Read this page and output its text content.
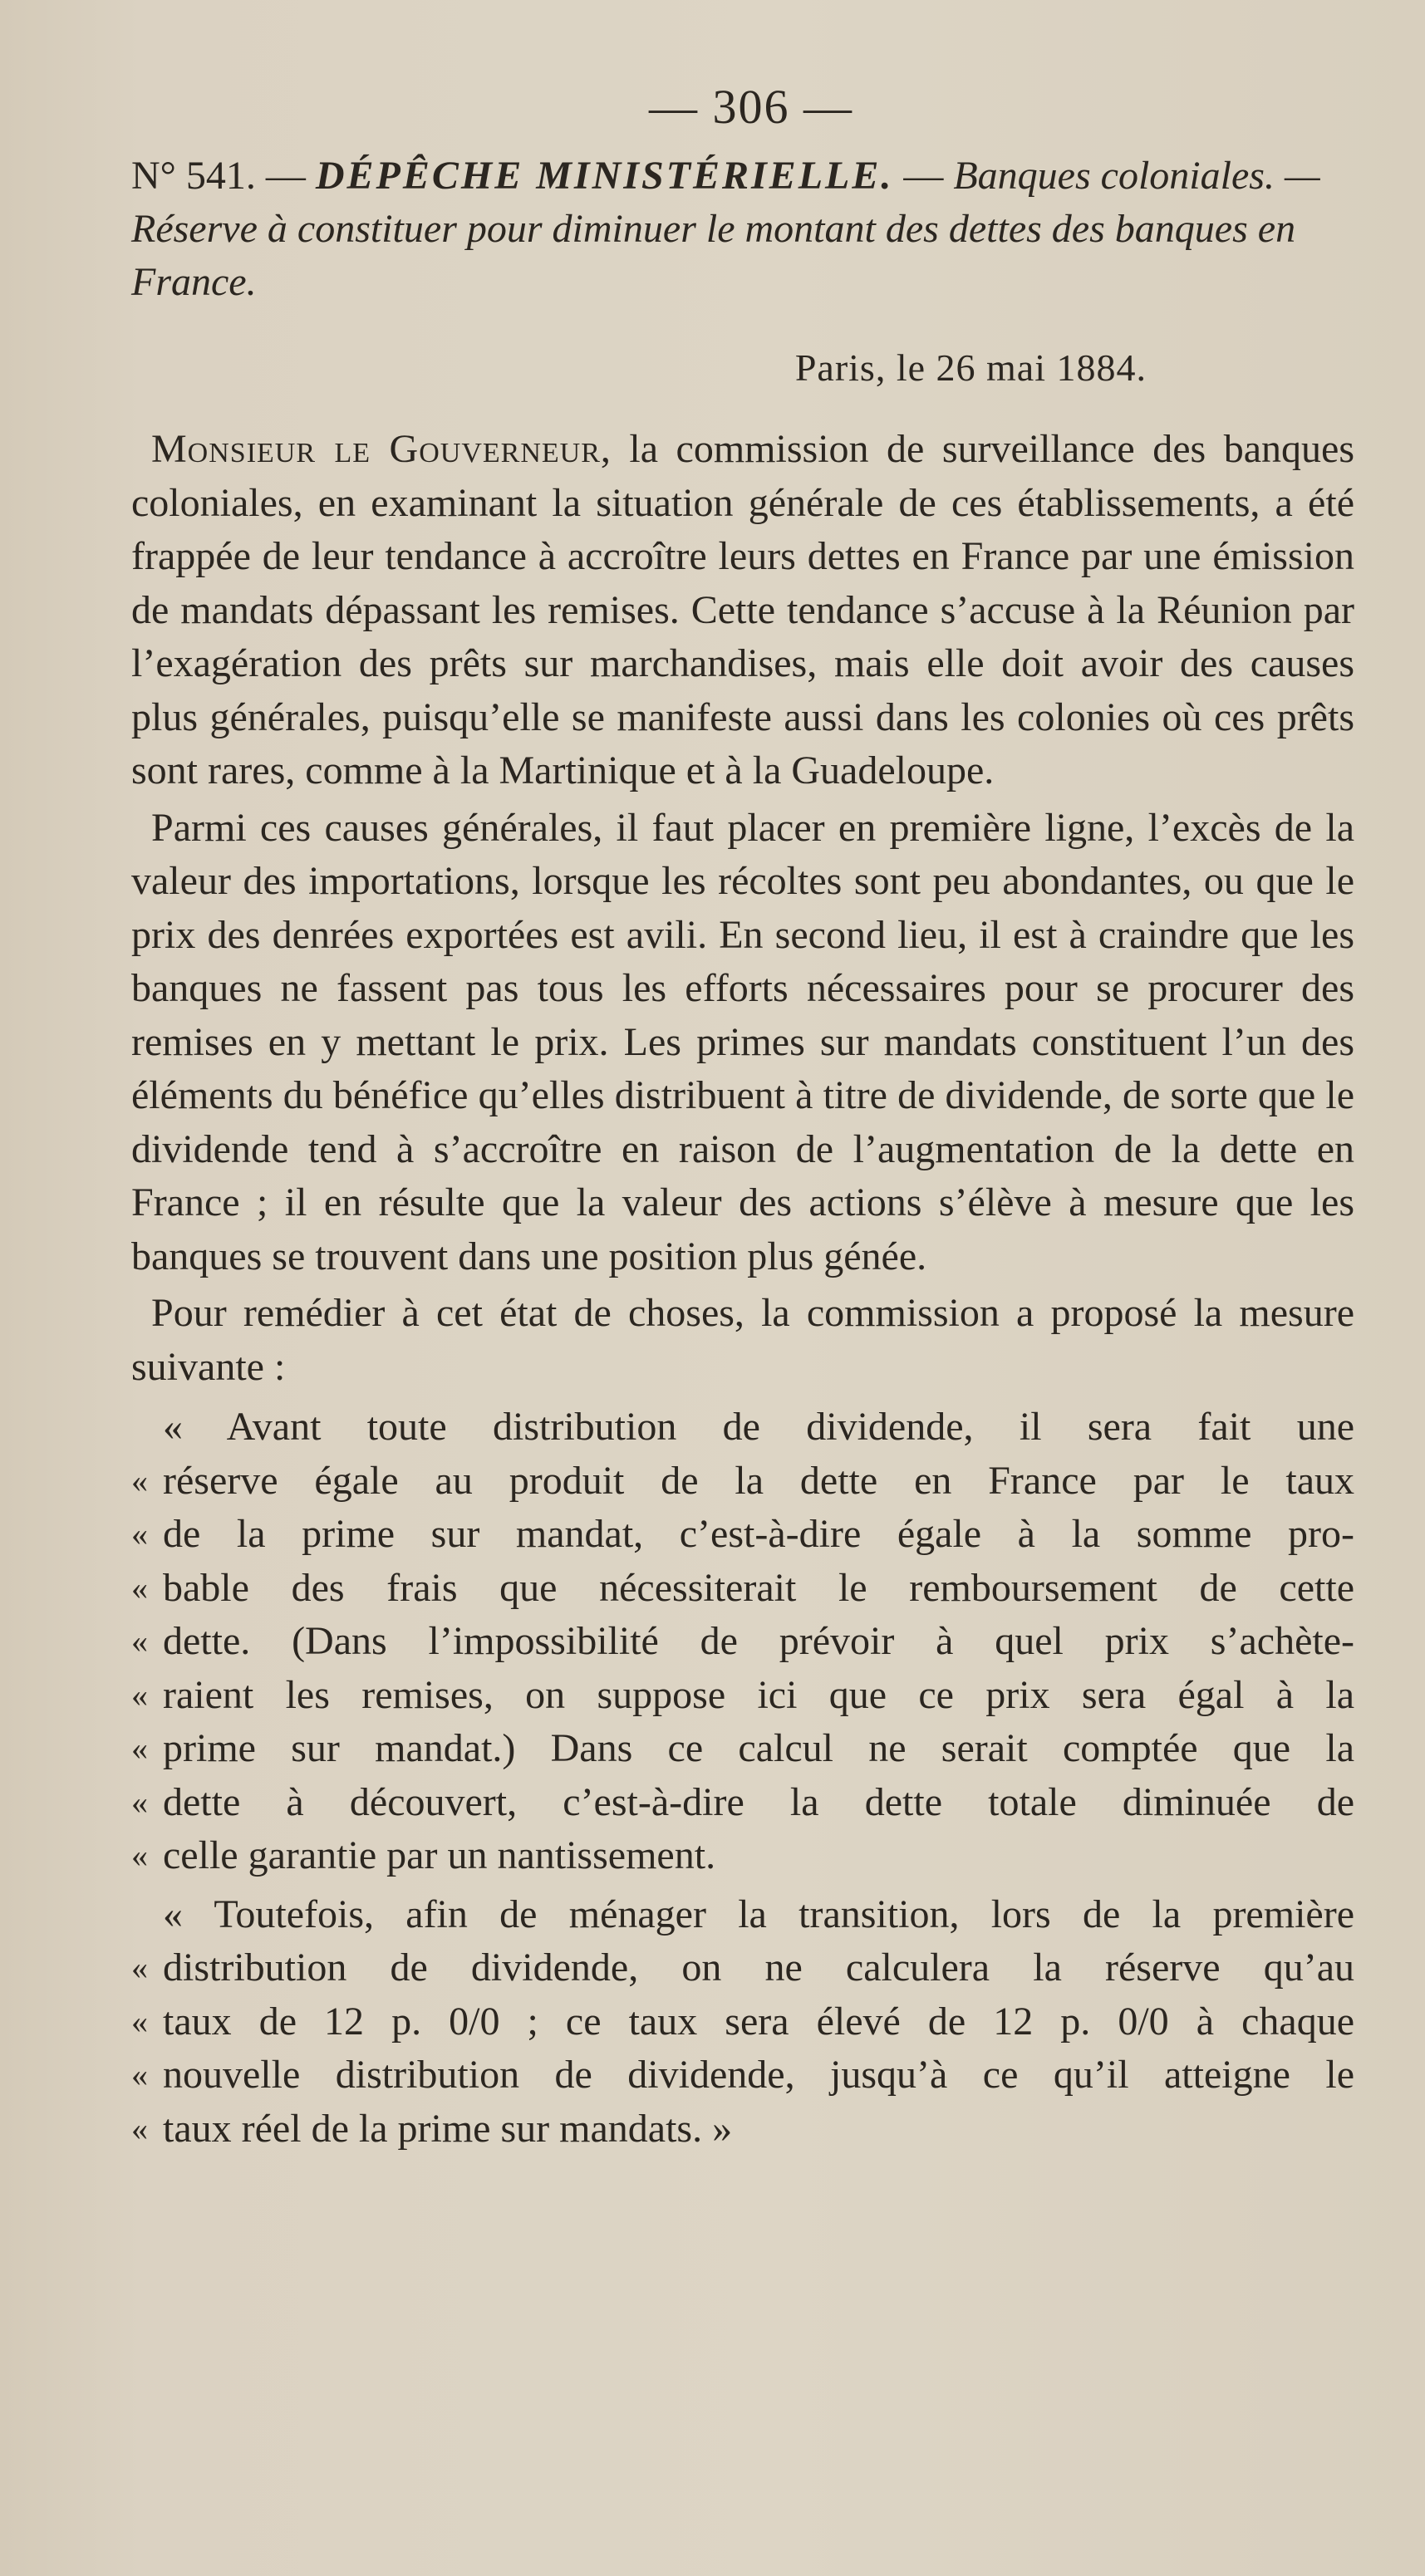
— 306 —

N° 541. — DÉPÊCHE MINISTÉRIELLE. — Banques coloniales. — Réserve à constituer pour diminuer le montant des dettes des banques en France.

Paris, le 26 mai 1884.

Monsieur le Gouverneur, la commission de surveillance des banques coloniales, en examinant la situation générale de ces établissements, a été frappée de leur tendance à accroître leurs dettes en France par une émission de mandats dépassant les remises. Cette tendance s’accuse à la Réunion par l’exagération des prêts sur marchandises, mais elle doit avoir des causes plus générales, puisqu’elle se manifeste aussi dans les colonies où ces prêts sont rares, comme à la Martinique et à la Guadeloupe.

Parmi ces causes générales, il faut placer en première ligne, l’excès de la valeur des importations, lorsque les récoltes sont peu abondantes, ou que le prix des denrées exportées est avili. En second lieu, il est à craindre que les banques ne fassent pas tous les efforts nécessaires pour se procurer des remises en y mettant le prix. Les primes sur mandats constituent l’un des éléments du bénéfice qu’elles distribuent à titre de dividende, de sorte que le dividende tend à s’accroître en raison de l’augmentation de la dette en France ; il en résulte que la valeur des actions s’élève à mesure que les banques se trouvent dans une position plus génée.

Pour remédier à cet état de choses, la commission a proposé la mesure suivante :

« Avant toute distribution de dividende, il sera fait une
« réserve égale au produit de la dette en France par le taux
« de la prime sur mandat, c’est-à-dire égale à la somme pro-
« bable des frais que nécessiterait le remboursement de cette
« dette. (Dans l’impossibilité de prévoir à quel prix s’achète-
« raient les remises, on suppose ici que ce prix sera égal à la
« prime sur mandat.) Dans ce calcul ne serait comptée que la
« dette à découvert, c’est-à-dire la dette totale diminuée de
« celle garantie par un nantissement.
« Toutefois, afin de ménager la transition, lors de la première
« distribution de dividende, on ne calculera la réserve qu’au
« taux de 12 p. 0/0 ; ce taux sera élevé de 12 p. 0/0 à chaque
« nouvelle distribution de dividende, jusqu’à ce qu’il atteigne le
« taux réel de la prime sur mandats. »
